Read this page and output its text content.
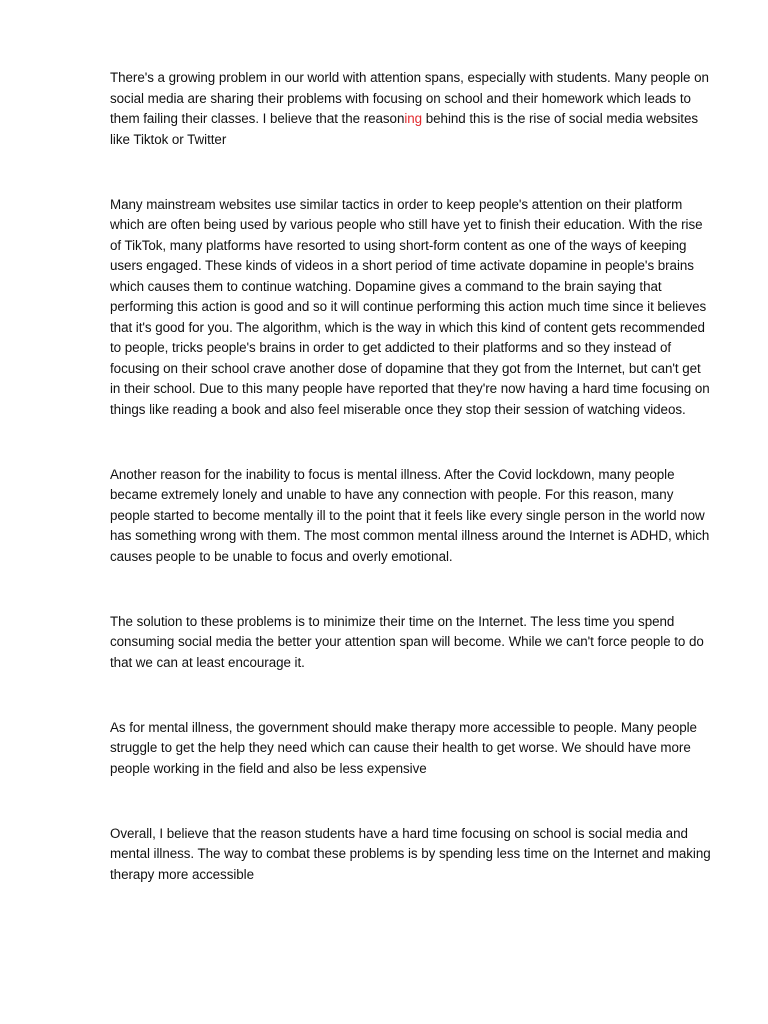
There's a growing problem in our world with attention spans, especially with students. Many people on social media are sharing their problems with focusing on school and their homework which leads to them failing their classes. I believe that the reasoning behind this is the rise of social media websites like Tiktok or Twitter

Many mainstream websites use similar tactics in order to keep people's attention on their platform which are often being used by various people who still have yet to finish their education. With the rise of TikTok, many platforms have resorted to using short-form content as one of the ways of keeping users engaged. These kinds of videos in a short period of time activate dopamine in people's brains which causes them to continue watching. Dopamine gives a command to the brain saying that performing this action is good and so it will continue performing this action much time since it believes that it's good for you. The algorithm, which is the way in which this kind of content gets recommended to people, tricks people's brains in order to get addicted to their platforms and so they instead of focusing on their school crave another dose of dopamine that they got from the Internet, but can't get in their school. Due to this many people have reported that they're now having a hard time focusing on things like reading a book and also feel miserable once they stop their session of watching videos.

Another reason for the inability to focus is mental illness. After the Covid lockdown, many people became extremely lonely and unable to have any connection with people. For this reason, many people started to become mentally ill to the point that it feels like every single person in the world now has something wrong with them. The most common mental illness around the Internet is ADHD, which causes people to be unable to focus and overly emotional.

The solution to these problems is to minimize their time on the Internet. The less time you spend consuming social media the better your attention span will become. While we can't force people to do that we can at least encourage it.

As for mental illness, the government should make therapy more accessible to people. Many people struggle to get the help they need which can cause their health to get worse. We should have more people working in the field and also be less expensive

Overall, I believe that the reason students have a hard time focusing on school is social media and mental illness. The way to combat these problems is by spending less time on the Internet and making therapy more accessible
